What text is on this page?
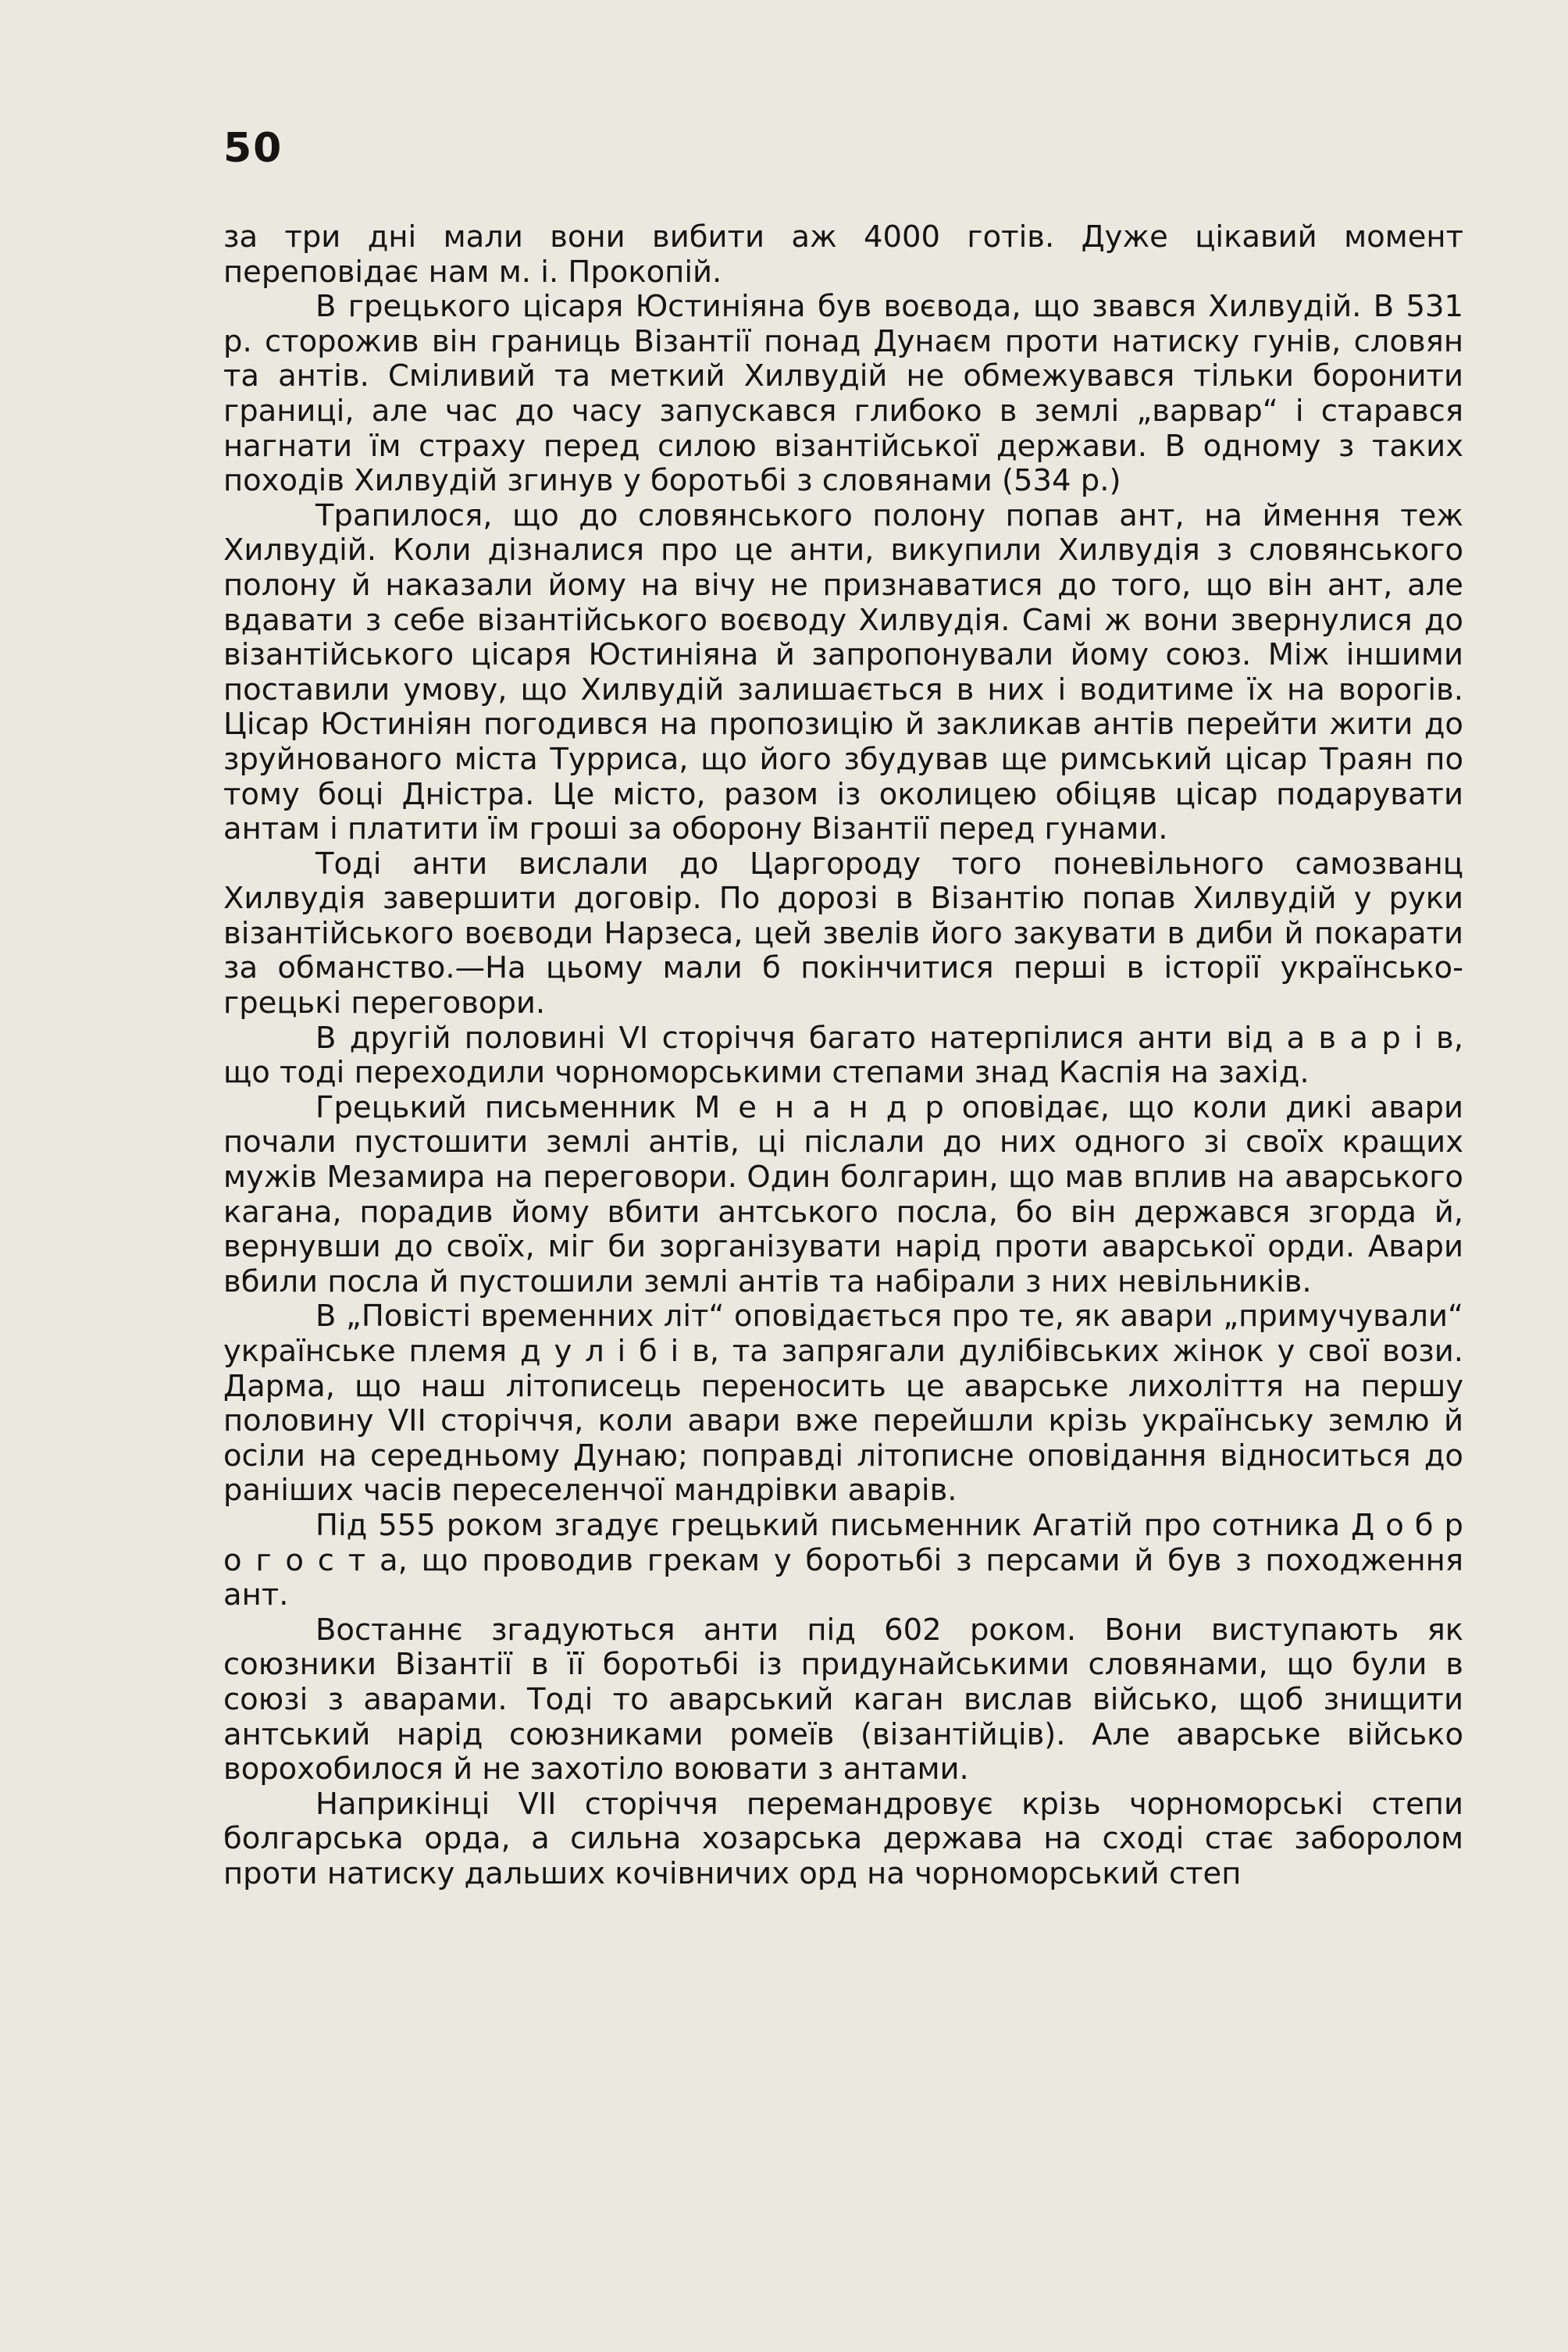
50

за три дні мали вони вибити аж 4000 готів. Дуже цікавий момент переповідає нам м. і. Прокопій.

В грецького цісаря Юстиніяна був воєвода, що звався Хилвудій. В 531 р. сторожив він границь Візантії понад Дунаєм проти натиску гунів, словян та антів. Сміливий та меткий Хилвудій не обмежувався тільки боронити границі, але час до часу запускався глибоко в землі „варвар“ і старався нагнати їм страху перед силою візантійської держави. В одному з таких походів Хилвудій згинув у боротьбі з словянами (534 р.)

Трапилося, що до словянського полону попав ант, на ймення теж Хилвудій. Коли дізналися про це анти, викупили Хилвудія з словянського полону й наказали йому на вічу не признаватися до того, що він ант, але вдавати з себе візантійського воєводу Хилвудія. Самі ж вони звернулися до візантійського цісаря Юстиніяна й запропонували йому союз. Між іншими поставили умову, що Хилвудій залишається в них і водитиме їх на ворогів. Цісар Юстиніян погодився на пропозицію й закликав антів перейти жити до зруйнованого міста Турриса, що його збудував ще римський цісар Траян по тому боці Дністра. Це місто, разом із околицею обіцяв цісар подарувати антам і платити їм гроші за оборону Візантії перед гунами.

Тоді анти вислали до Царгороду того поневільного самозванц Хилвудія завершити договір. По дорозі в Візантію попав Хилвудій у руки візантійського воєводи Нарзеса, цей звелів його закувати в диби й покарати за обманство.—На цьому мали б покінчитися перші в історії українсько-грецькі переговори.

В другій половині VI сторіччя багато натерпілися анти від а в а р і в, що тоді переходили чорноморськими степами знад Каспія на захід.

Грецький письменник М е н а н д р оповідає, що коли дикі авари почали пустошити землі антів, ці післали до них одного зі своїх кращих мужів Мезамира на переговори. Один болгарин, що мав вплив на аварського кагана, порадив йому вбити антського посла, бо він держався згорда й, вернувши до своїх, міг би зорганізувати нарід проти аварської орди. Авари вбили посла й пустошили землі антів та набірали з них невільників.

В „Повісті временних літ“ оповідається про те, як авари „примучували“ українське племя д у л і б і в, та запрягали дулібівських жінок у свої вози. Дарма, що наш літописець переносить це аварське лихоліття на першу половину VII сторіччя, коли авари вже перейшли крізь українську землю й осіли на середньому Дунаю; поправді літописне оповідання відноситься до раніших часів переселенчої мандрівки аварів.

Під 555 роком згадує грецький письменник Агатій про сотника Д о б р о г о с т а, що проводив грекам у боротьбі з персами й був з походження ант.

Востаннє згадуються анти під 602 роком. Вони виступають як союзники Візантії в її боротьбі із придунайськими словянами, що були в союзі з аварами. Тоді то аварський каган вислав військо, щоб знищити антський нарід союзниками ромеїв (візантійців). Але аварське військо ворохобилося й не захотіло воювати з антами.

Наприкінці VII сторіччя перемандровує крізь чорноморські степи болгарська орда, а сильна хозарська держава на сході стає заборолом проти натиску дальших кочівничих орд на чорноморський степ
